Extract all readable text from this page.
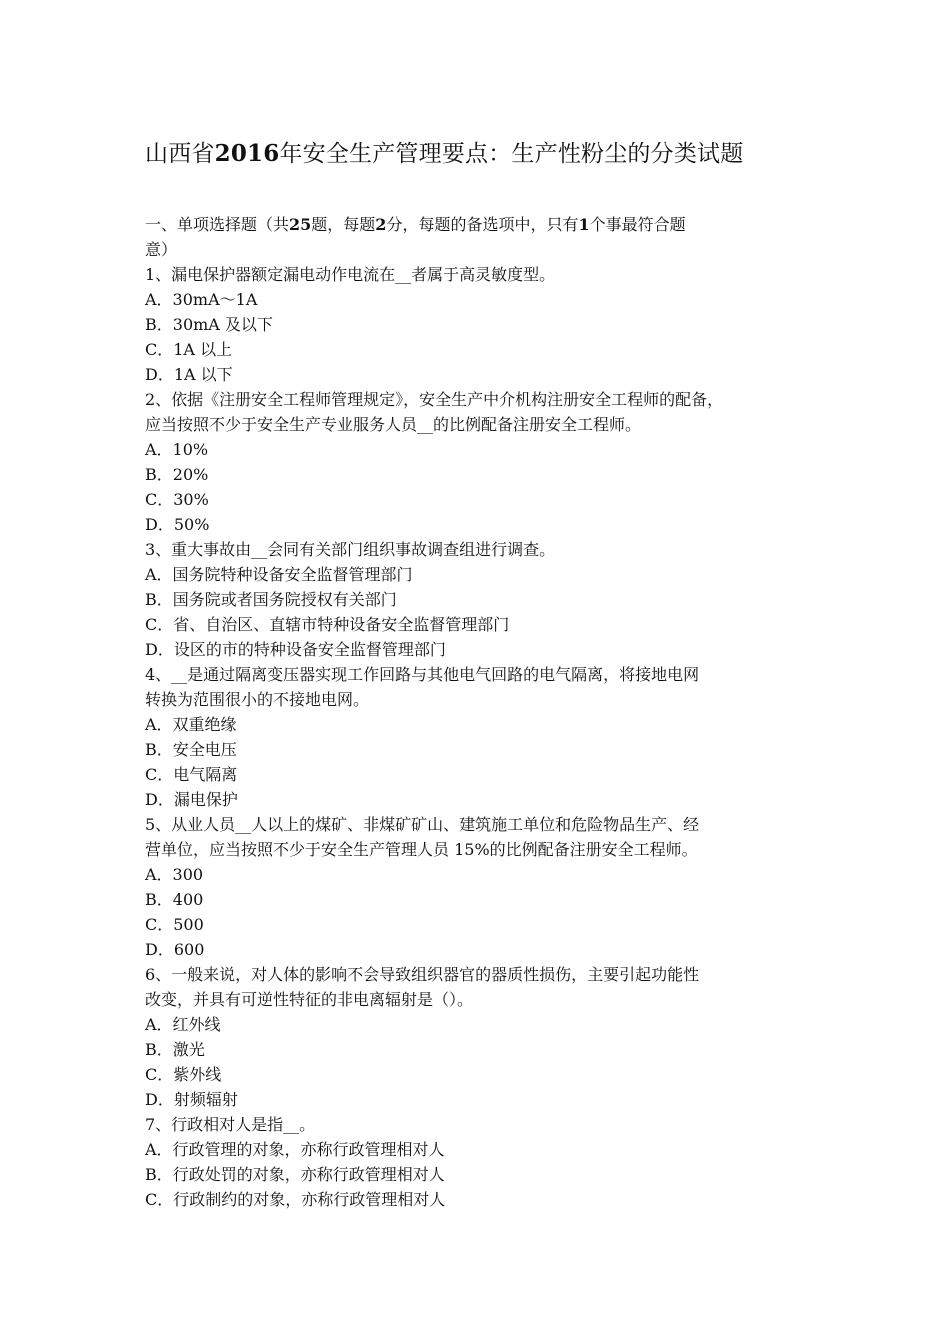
山西省2016年安全生产管理要点：生产性粉尘的分类试题
一、单项选择题（共25题，每题2分，每题的备选项中，只有1个事最符合题
意）
1、漏电保护器额定漏电动作电流在__者属于高灵敏度型。
A．30mA～1A
B．30mA 及以下
C．1A 以上
D．1A 以下
2、依据《注册安全工程师管理规定》，安全生产中介机构注册安全工程师的配备，
应当按照不少于安全生产专业服务人员__的比例配备注册安全工程师。
A．10%
B．20%
C．30%
D．50%
3、重大事故由__会同有关部门组织事故调查组进行调查。
A．国务院特种设备安全监督管理部门
B．国务院或者国务院授权有关部门
C．省、自治区、直辖市特种设备安全监督管理部门
D．设区的市的特种设备安全监督管理部门
4、__是通过隔离变压器实现工作回路与其他电气回路的电气隔离，将接地电网
转换为范围很小的不接地电网。
A．双重绝缘
B．安全电压
C．电气隔离
D．漏电保护
5、从业人员__人以上的煤矿、非煤矿矿山、建筑施工单位和危险物品生产、经
营单位，应当按照不少于安全生产管理人员 15%的比例配备注册安全工程师。
A．300
B．400
C．500
D．600
6、一般来说，对人体的影响不会导致组织器官的器质性损伤，主要引起功能性
改变，并具有可逆性特征的非电离辐射是（）。
A．红外线
B．激光
C．紫外线
D．射频辐射
7、行政相对人是指__。
A．行政管理的对象，亦称行政管理相对人
B．行政处罚的对象，亦称行政管理相对人
C．行政制约的对象，亦称行政管理相对人
